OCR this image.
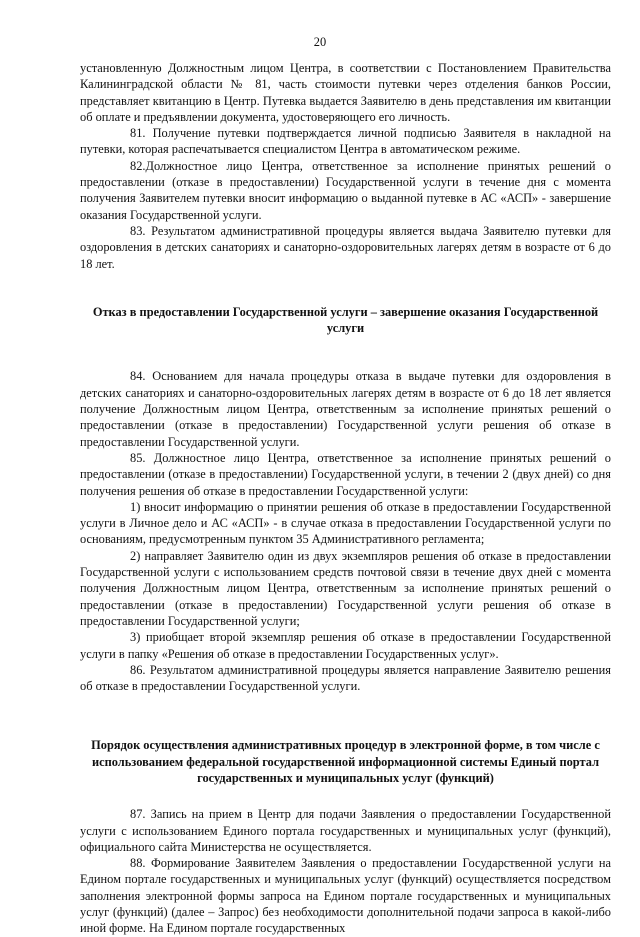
20

установленную Должностным лицом Центра, в соответствии с Постановлением Правительства Калининградской области № 81, часть стоимости путевки через отделения банков России, представляет квитанцию в Центр. Путевка выдается Заявителю в день представления им квитанции об оплате и предъявлении документа, удостоверяющего его личность.

81. Получение путевки подтверждается личной подписью Заявителя в накладной на путевки, которая распечатывается специалистом Центра в автоматическом режиме.

82.Должностное лицо Центра, ответственное за исполнение принятых решений о предоставлении (отказе в предоставлении) Государственной услуги в течение дня с момента получения Заявителем путевки вносит информацию о выданной путевке в АС «АСП» - завершение оказания Государственной услуги.

83. Результатом административной процедуры является выдача Заявителю путевки для оздоровления в детских санаториях и санаторно-оздоровительных лагерях детям в возрасте от 6 до 18 лет.

Отказ в предоставлении Государственной услуги – завершение оказания Государственной услуги

84. Основанием для начала процедуры отказа в выдаче путевки для оздоровления в детских санаториях и санаторно-оздоровительных лагерях детям в возрасте от 6 до 18 лет является получение Должностным лицом Центра, ответственным за исполнение принятых решений о предоставлении (отказе в предоставлении) Государственной услуги решения об отказе в предоставлении Государственной услуги.

85. Должностное лицо Центра, ответственное за исполнение принятых решений о предоставлении (отказе в предоставлении) Государственной услуги, в течении 2 (двух дней) со дня получения решения об отказе в предоставлении Государственной услуги:

1) вносит информацию о принятии решения об отказе в предоставлении Государственной услуги в Личное дело и АС «АСП» - в случае отказа в предоставлении Государственной услуги по основаниям, предусмотренным пунктом 35 Административного регламента;

2) направляет Заявителю один из двух экземпляров решения об отказе в предоставлении Государственной услуги с использованием средств почтовой связи в течение двух дней с момента получения Должностным лицом Центра, ответственным за исполнение принятых решений о предоставлении (отказе в предоставлении) Государственной услуги решения об отказе в предоставлении Государственной услуги;

3) приобщает второй экземпляр решения об отказе в предоставлении Государственной услуги в папку «Решения об отказе в предоставлении Государственных услуг».

86. Результатом административной процедуры является направление Заявителю решения об отказе в предоставлении Государственной услуги.

Порядок осуществления административных процедур в электронной форме, в том числе с использованием федеральной государственной информационной системы Единый портал государственных и муниципальных услуг (функций)

87. Запись на прием в Центр для подачи Заявления о предоставлении Государственной услуги с использованием Единого портала государственных и муниципальных услуг (функций), официального сайта Министерства не осуществляется.

88. Формирование Заявителем Заявления о предоставлении Государственной услуги на Едином портале государственных и муниципальных услуг (функций) осуществляется посредством заполнения электронной формы запроса на Едином портале государственных и муниципальных услуг (функций) (далее – Запрос) без необходимости дополнительной подачи запроса в какой-либо иной форме. На Едином портале государственных
